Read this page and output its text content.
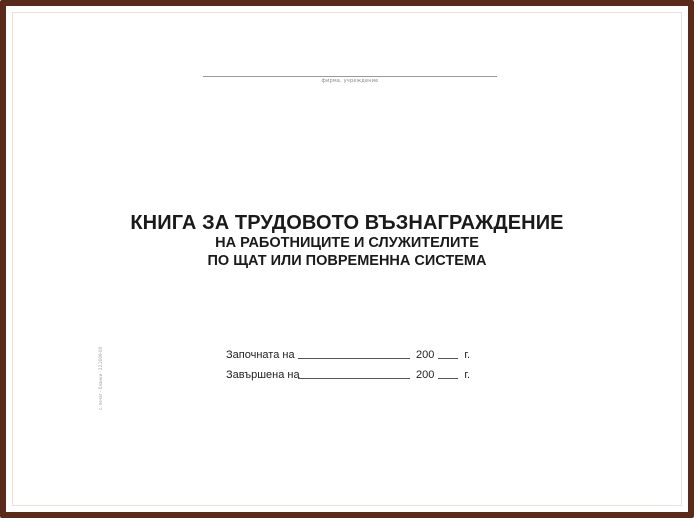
фирма, учреждение
КНИГА ЗА ТРУДОВОТО ВЪЗНАГРАЖДЕНИЕ
НА РАБОТНИЦИТЕ И СЛУЖИТЕЛИТЕ
ПО ЩАТ ИЛИ ПОВРЕМЕННА СИСТЕМА
Започната на	200	г.
Завършена на	200	г.
с. печат - бланки - 22.2009-00
